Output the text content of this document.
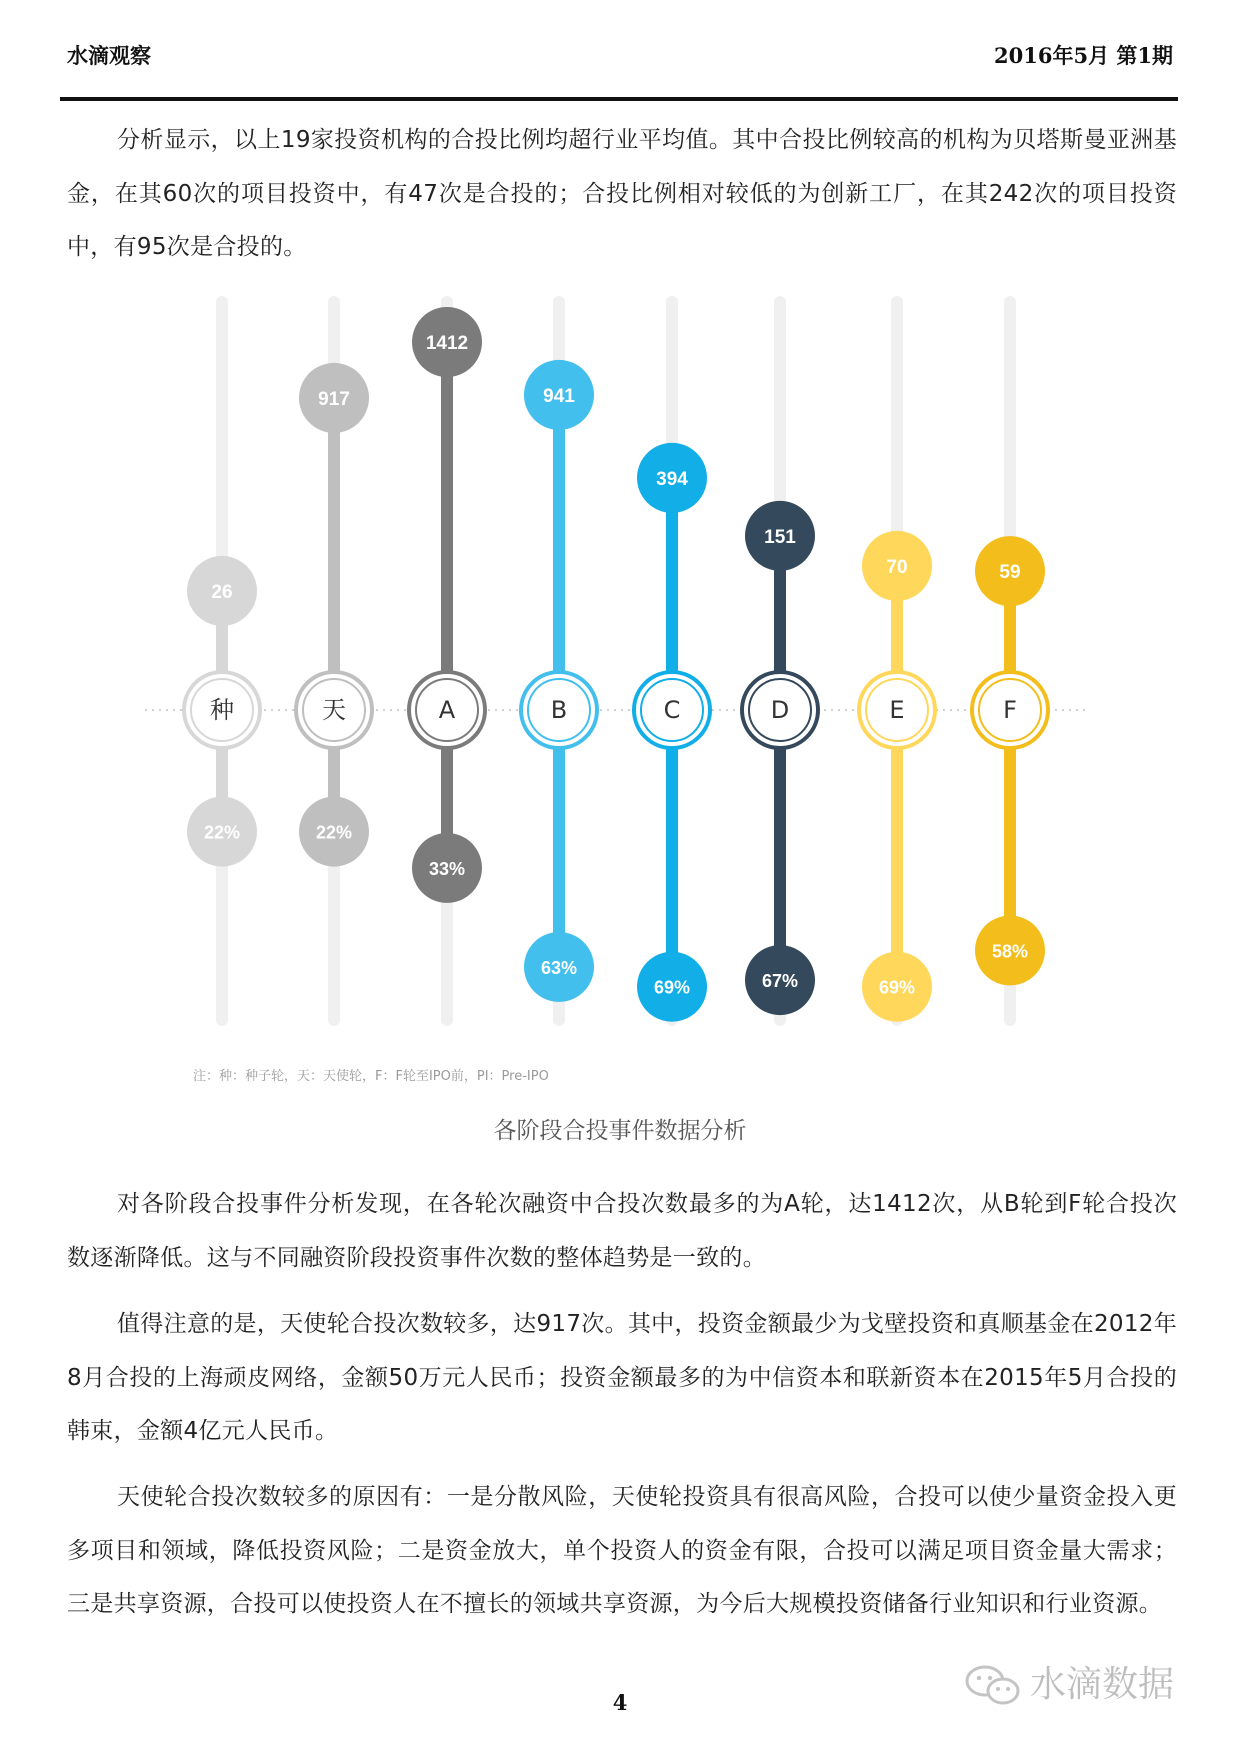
水滴观察	2016年5月 第1期

分析显示，以上19家投资机构的合投比例均超行业平均值。其中合投比例较高的机构为贝塔斯曼亚洲基金，在其60次的项目投资中，有47次是合投的；合投比例相对较低的为创新工厂，在其242次的项目投资中，有95次是合投的。

26
22%
种
917
22%
天
1412
33%
A
941
63%
B
394
69%
C
151
67%
D
70
69%
E
59
58%
F
注：种：种子轮，天：天使轮，F：F轮至IPO前，PI：Pre-IPO
各阶段合投事件数据分析

对各阶段合投事件分析发现，在各轮次融资中合投次数最多的为A轮，达1412次，从B轮到F轮合投次数逐渐降低。这与不同融资阶段投资事件次数的整体趋势是一致的。

值得注意的是，天使轮合投次数较多，达917次。其中，投资金额最少为戈壁投资和真顺基金在2012年8月合投的上海顽皮网络，金额50万元人民币；投资金额最多的为中信资本和联新资本在2015年5月合投的韩束，金额4亿元人民币。

天使轮合投次数较多的原因有：一是分散风险，天使轮投资具有很高风险，合投可以使少量资金投入更多项目和领域，降低投资风险；二是资金放大，单个投资人的资金有限，合投可以满足项目资金量大需求；三是共享资源，合投可以使投资人在不擅长的领域共享资源，为今后大规模投资储备行业知识和行业资源。

水滴数据
4
